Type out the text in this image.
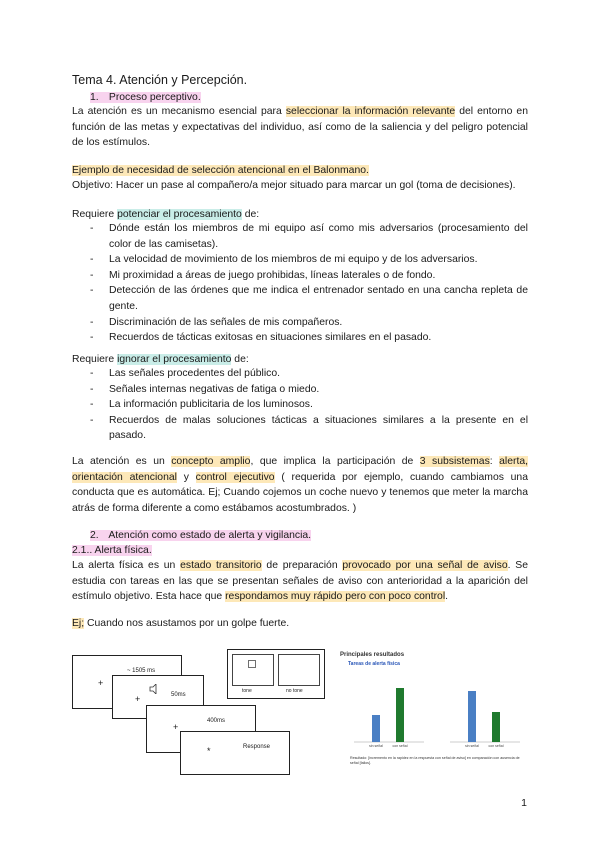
Tema 4. Atención y Percepción.
1. Proceso perceptivo.
La atención es un mecanismo esencial para seleccionar la información relevante del entorno en función de las metas y expectativas del individuo, así como de la saliencia y del peligro potencial de los estímulos.
Ejemplo de necesidad de selección atencional en el Balonmano.
Objetivo: Hacer un pase al compañero/a mejor situado para marcar un gol (toma de decisiones).
Requiere potenciar el procesamiento de:
- Dónde están los miembros de mi equipo así como mis adversarios (procesamiento del color de las camisetas).
- La velocidad de movimiento de los miembros de mi equipo y de los adversarios.
- Mi proximidad a áreas de juego prohibidas, líneas laterales o de fondo.
- Detección de las órdenes que me indica el entrenador sentado en una cancha repleta de gente.
- Discriminación de las señales de mis compañeros.
- Recuerdos de tácticas exitosas en situaciones similares en el pasado.
Requiere ignorar el procesamiento de:
- Las señales procedentes del público.
- Señales internas negativas de fatiga o miedo.
- La información publicitaria de los luminosos.
- Recuerdos de malas soluciones tácticas a situaciones similares a la presente en el pasado.
La atención es un concepto amplio, que implica la participación de 3 subsistemas: alerta, orientación atencional y control ejecutivo ( requerida por ejemplo, cuando cambiamos una conducta que es automática. Ej; Cuando cojemos un coche nuevo y tenemos que meter la marcha atrás de forma diferente a como estábamos acostumbrados. )
2. Atención como estado de alerta y vigilancia.
2.1.. Alerta física.
La alerta física es un estado transitorio de preparación provocado por una señal de aviso. Se estudia con tareas en las que se presentan señales de aviso con anterioridad a la aparición del estímulo objetivo. Esta hace que respondamos muy rápido pero con poco control.
Ej; Cuando nos asustamos por un golpe fuerte.
+
~ 1505 ms
+	50ms
+
400ms
*	Response
tone	no tone
Principales resultados
Tareas de alerta física
sin señal	con señal	sin señal	con señal
Resultado: [incremento en la rapidez en la respuesta con señal de aviso] en comparación con ausencia de señal [fallos].
1
